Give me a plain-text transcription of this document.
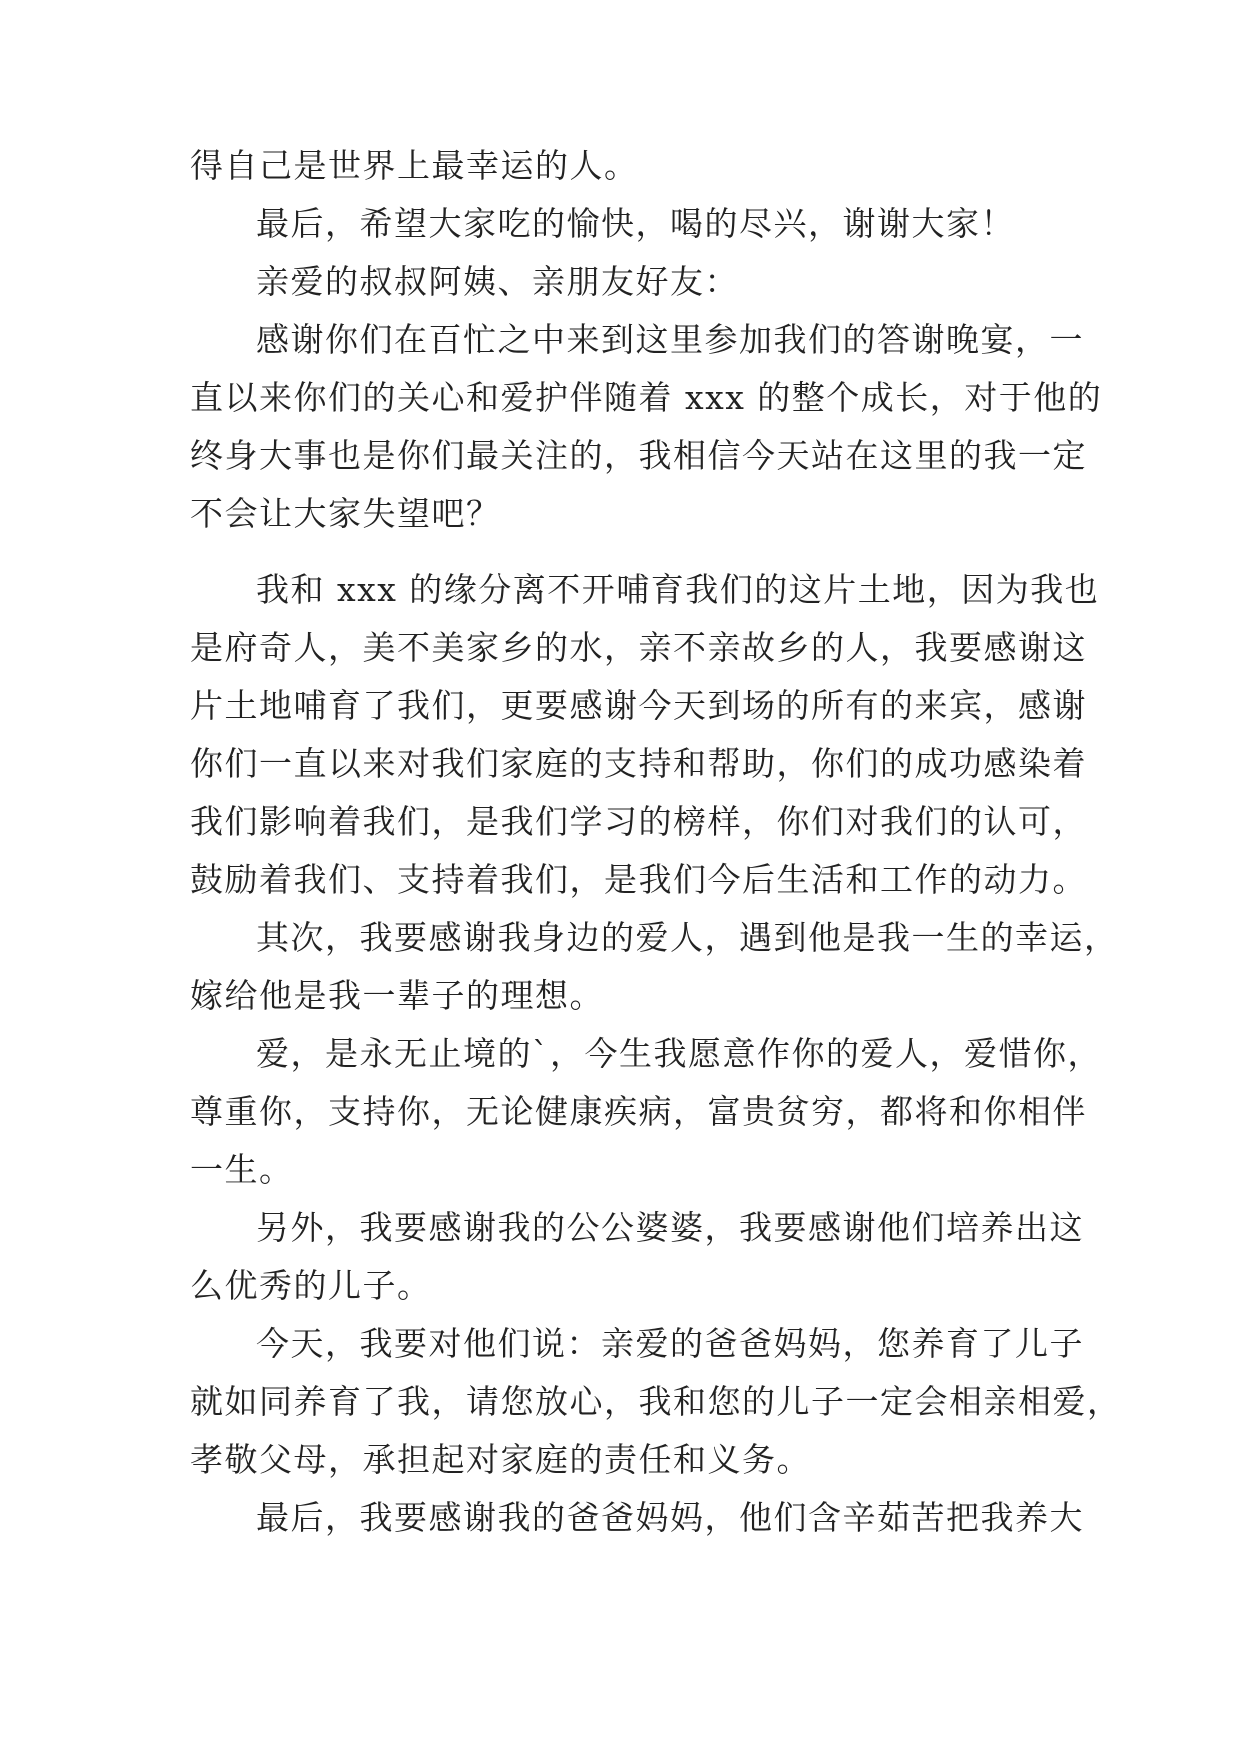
得自己是世界上最幸运的人。
最后，希望大家吃的愉快，喝的尽兴，谢谢大家！
亲爱的叔叔阿姨、亲朋友好友：
感谢你们在百忙之中来到这里参加我们的答谢晚宴，一
直以来你们的关心和爱护伴随着 xxx 的整个成长，对于他的
终身大事也是你们最关注的，我相信今天站在这里的我一定
不会让大家失望吧？
我和 xxx 的缘分离不开哺育我们的这片土地，因为我也
是府奇人，美不美家乡的水，亲不亲故乡的人，我要感谢这
片土地哺育了我们，更要感谢今天到场的所有的来宾，感谢
你们一直以来对我们家庭的支持和帮助，你们的成功感染着
我们影响着我们，是我们学习的榜样，你们对我们的认可，
鼓励着我们、支持着我们，是我们今后生活和工作的动力。
其次，我要感谢我身边的爱人，遇到他是我一生的幸运，
嫁给他是我一辈子的理想。
爱，是永无止境的`，今生我愿意作你的爱人，爱惜你，
尊重你，支持你，无论健康疾病，富贵贫穷，都将和你相伴
一生。
另外，我要感谢我的公公婆婆，我要感谢他们培养出这
么优秀的儿子。
今天，我要对他们说：亲爱的爸爸妈妈，您养育了儿子
就如同养育了我，请您放心，我和您的儿子一定会相亲相爱，
孝敬父母，承担起对家庭的责任和义务。
最后，我要感谢我的爸爸妈妈，他们含辛茹苦把我养大
